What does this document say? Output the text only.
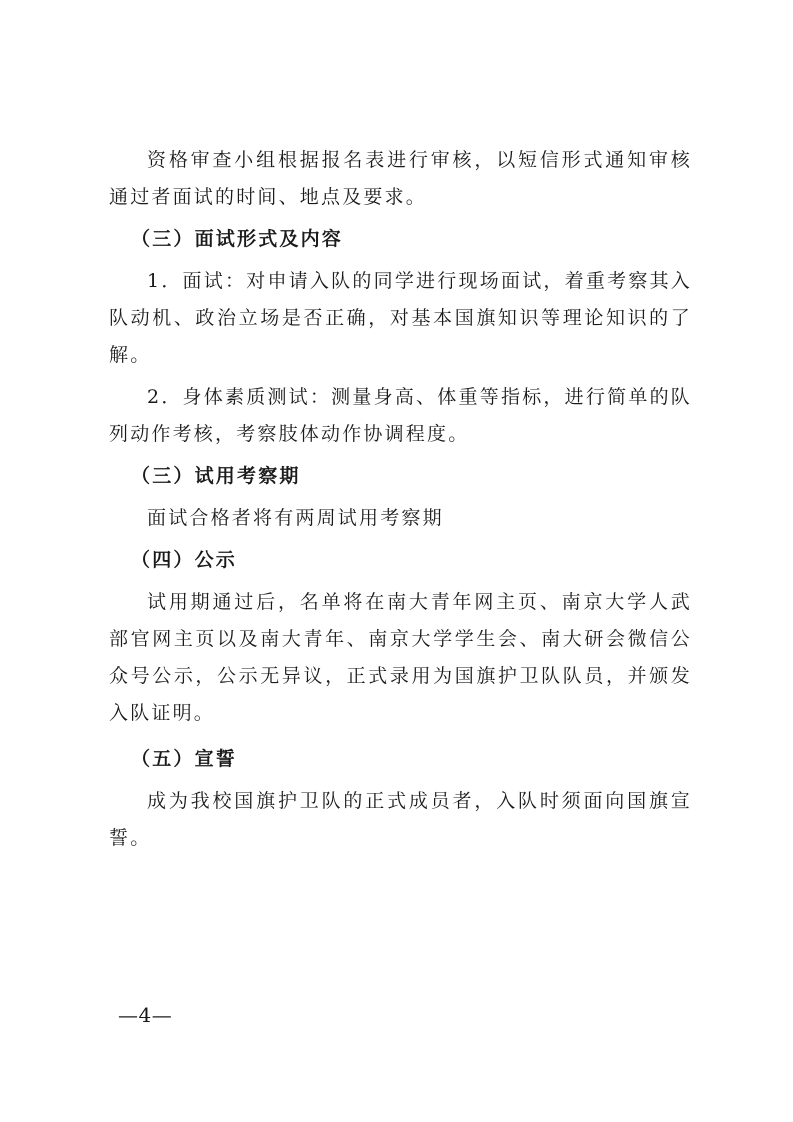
资格审查小组根据报名表进行审核，以短信形式通知审核通过者面试的时间、地点及要求。

（三）面试形式及内容

1．面试：对申请入队的同学进行现场面试，着重考察其入队动机、政治立场是否正确，对基本国旗知识等理论知识的了解。

2．身体素质测试：测量身高、体重等指标，进行简单的队列动作考核，考察肢体动作协调程度。

（三）试用考察期

面试合格者将有两周试用考察期

（四）公示

试用期通过后，名单将在南大青年网主页、南京大学人武部官网主页以及南大青年、南京大学学生会、南大研会微信公众号公示，公示无异议，正式录用为国旗护卫队队员，并颁发入队证明。

（五）宣誓

成为我校国旗护卫队的正式成员者，入队时须面向国旗宣誓。

—4—
